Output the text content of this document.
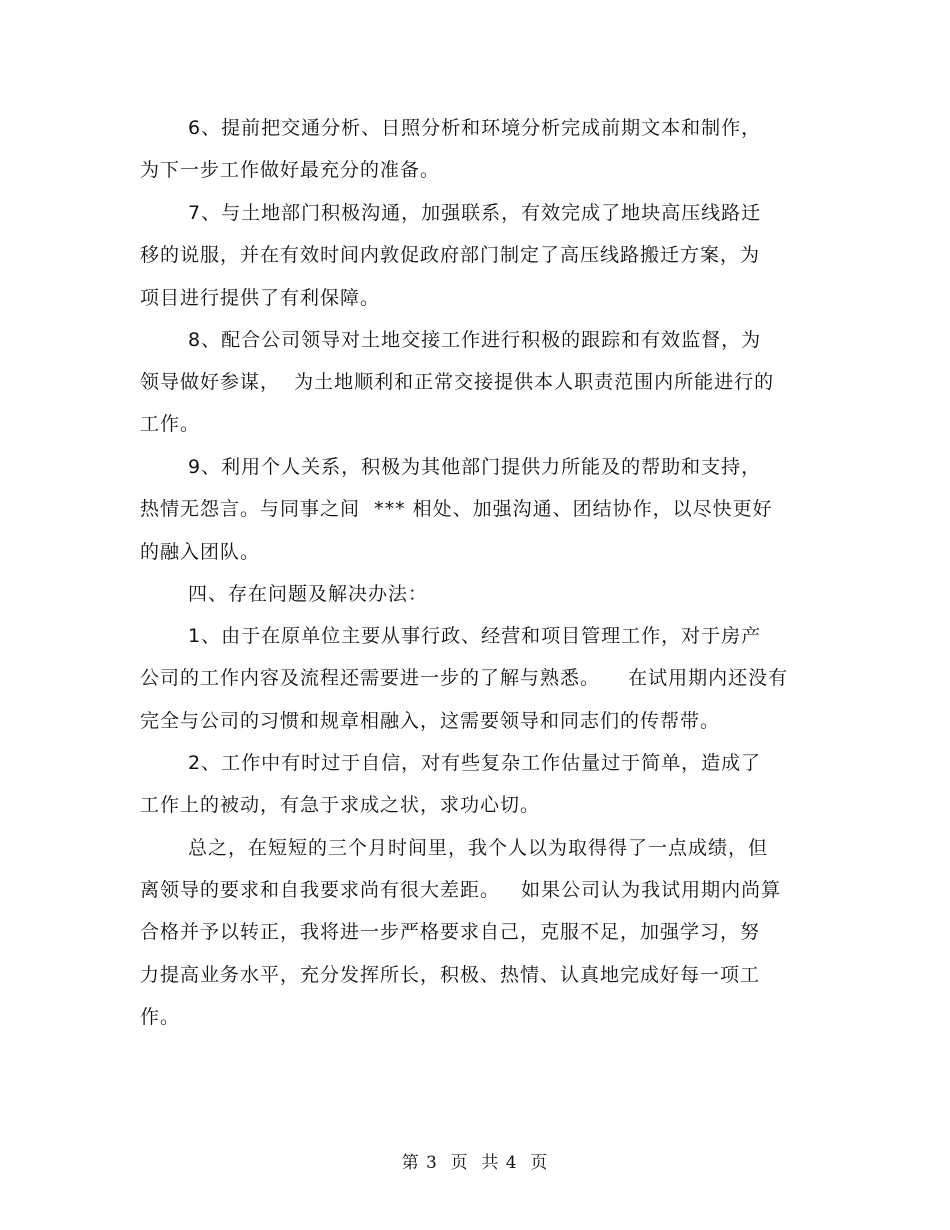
6、提前把交通分析、日照分析和环境分析完成前期文本和制作，
为下一步工作做好最充分的准备。
7、与土地部门积极沟通，加强联系，有效完成了地块高压线路迁
移的说服，并在有效时间内敦促政府部门制定了高压线路搬迁方案，为
项目进行提供了有利保障。
8、配合公司领导对土地交接工作进行积极的跟踪和有效监督，为
领导做好参谋，  为土地顺利和正常交接提供本人职责范围内所能进行的
工作。
9、利用个人关系，积极为其他部门提供力所能及的帮助和支持，
热情无怨言。与同事之间  *** 相处、加强沟通、团结协作，以尽快更好
的融入团队。
四、存在问题及解决办法：
1、由于在原单位主要从事行政、经营和项目管理工作，对于房产
公司的工作内容及流程还需要进一步的了解与熟悉。    在试用期内还没有
完全与公司的习惯和规章相融入，这需要领导和同志们的传帮带。
2、工作中有时过于自信，对有些复杂工作估量过于简单，造成了
工作上的被动，有急于求成之状，求功心切。
总之，在短短的三个月时间里，我个人以为取得得了一点成绩，但
离领导的要求和自我要求尚有很大差距。   如果公司认为我试用期内尚算
合格并予以转正，我将进一步严格要求自己，克服不足，加强学习，努
力提高业务水平，充分发挥所长，积极、热情、认真地完成好每一项工
作。
第 3  页  共 4  页
